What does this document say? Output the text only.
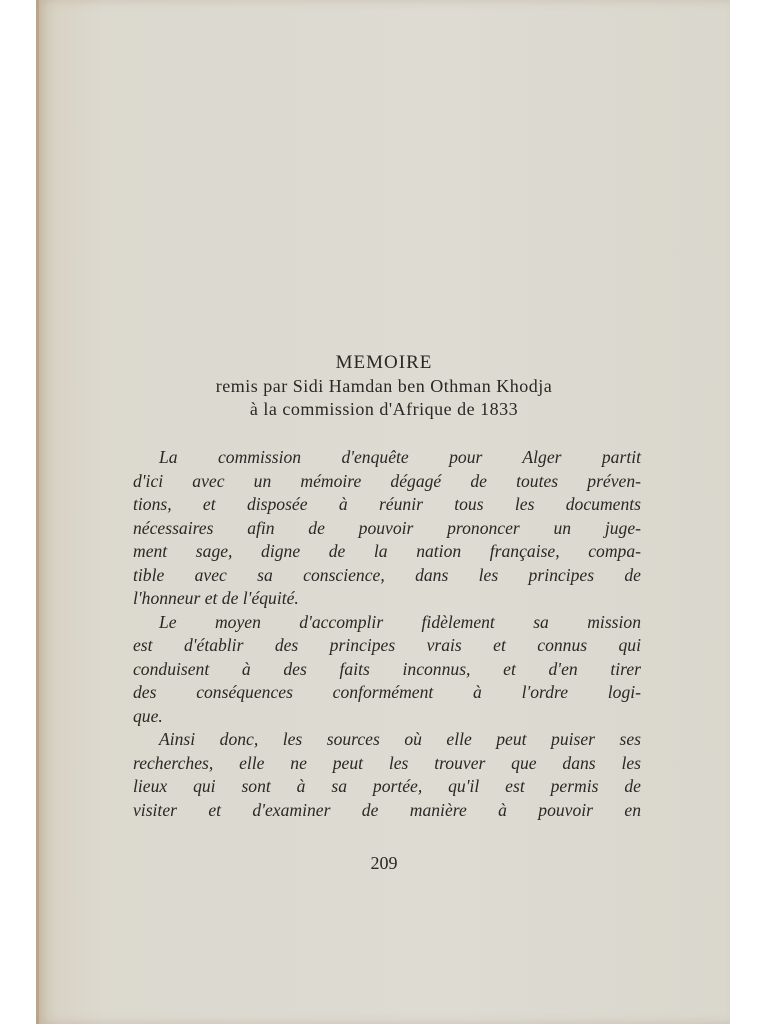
MEMOIRE
remis par Sidi Hamdan ben Othman Khodja
à la commission d'Afrique de 1833
La commission d'enquête pour Alger partit
d'ici avec un mémoire dégagé de toutes préven-
tions, et disposée à réunir tous les documents
nécessaires afin de pouvoir prononcer un juge-
ment sage, digne de la nation française, compa-
tible avec sa conscience, dans les principes de
l'honneur et de l'équité.
Le moyen d'accomplir fidèlement sa mission
est d'établir des principes vrais et connus qui
conduisent à des faits inconnus, et d'en tirer
des conséquences conformément à l'ordre logi-
que.
Ainsi donc, les sources où elle peut puiser ses
recherches, elle ne peut les trouver que dans les
lieux qui sont à sa portée, qu'il est permis de
visiter et d'examiner de manière à pouvoir en
209
